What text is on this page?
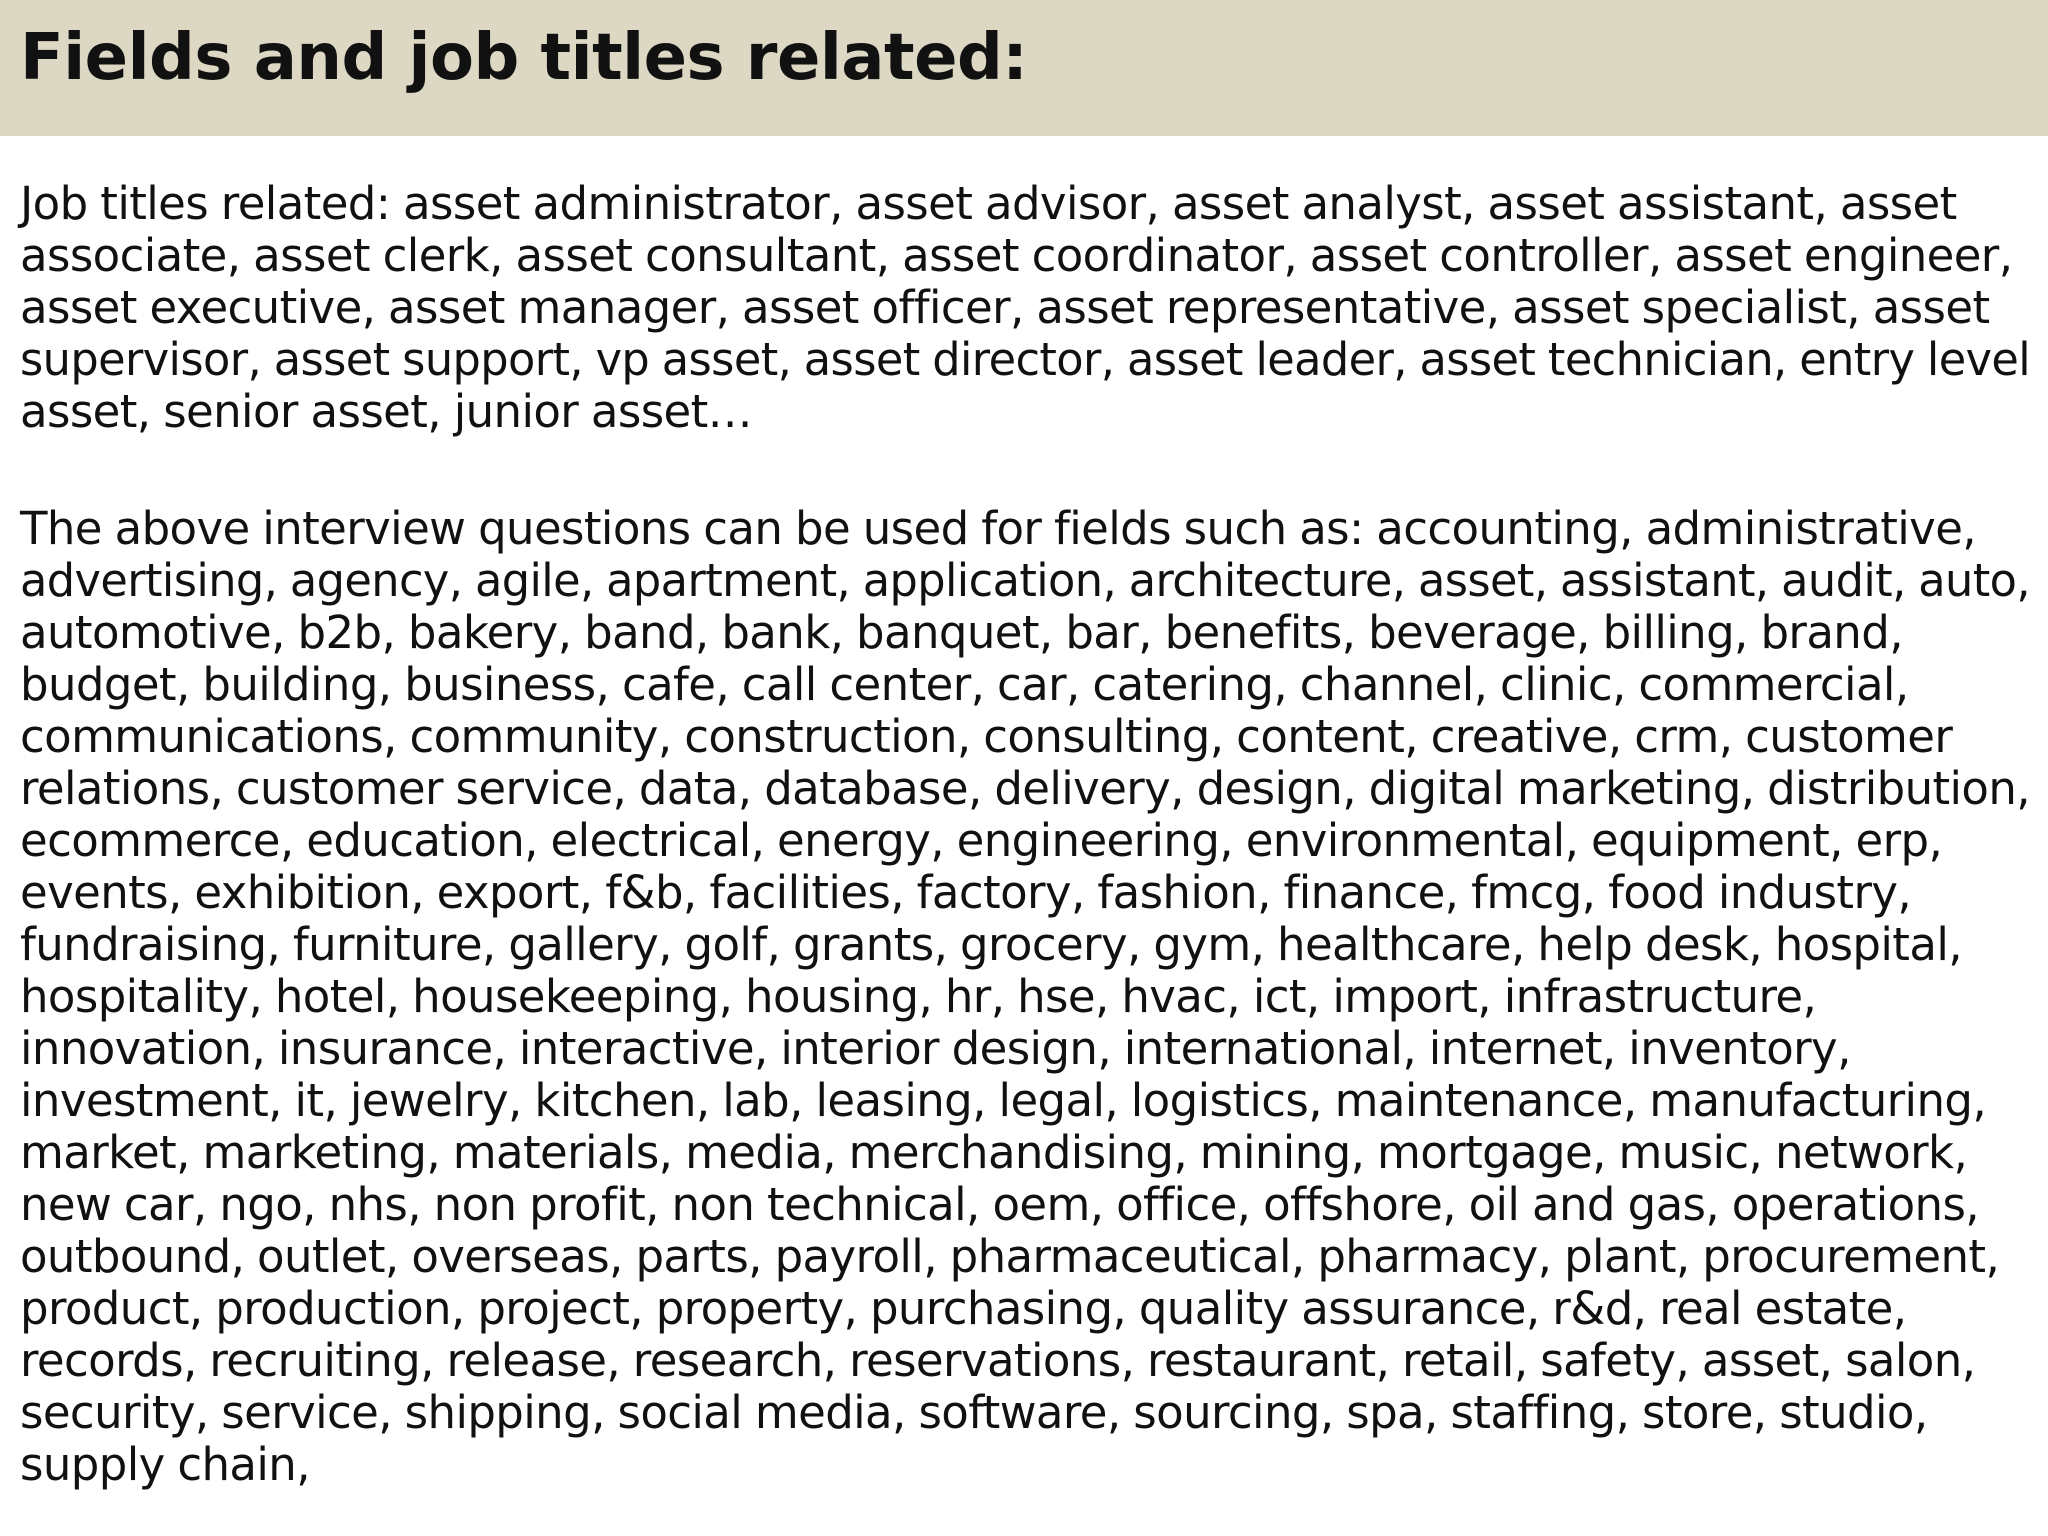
Fields and job titles related:

Job titles related: asset administrator, asset advisor, asset analyst, asset assistant, asset
associate, asset clerk, asset consultant, asset coordinator, asset controller, asset engineer,
asset executive, asset manager, asset officer, asset representative, asset specialist, asset
supervisor, asset support, vp asset, asset director, asset leader, asset technician, entry level
asset, senior asset, junior asset…

The above interview questions can be used for fields such as: accounting, administrative,
advertising, agency, agile, apartment, application, architecture, asset, assistant, audit, auto,
automotive, b2b, bakery, band, bank, banquet, bar, benefits, beverage, billing, brand,
budget, building, business, cafe, call center, car, catering, channel, clinic, commercial,
communications, community, construction, consulting, content, creative, crm, customer
relations, customer service, data, database, delivery, design, digital marketing, distribution,
ecommerce, education, electrical, energy, engineering, environmental, equipment, erp,
events, exhibition, export, f&b, facilities, factory, fashion, finance, fmcg, food industry,
fundraising, furniture, gallery, golf, grants, grocery, gym, healthcare, help desk, hospital,
hospitality, hotel, housekeeping, housing, hr, hse, hvac, ict, import, infrastructure,
innovation, insurance, interactive, interior design, international, internet, inventory,
investment, it, jewelry, kitchen, lab, leasing, legal, logistics, maintenance, manufacturing,
market, marketing, materials, media, merchandising, mining, mortgage, music, network,
new car, ngo, nhs, non profit, non technical, oem, office, offshore, oil and gas, operations,
outbound, outlet, overseas, parts, payroll, pharmaceutical, pharmacy, plant, procurement,
product, production, project, property, purchasing, quality assurance, r&d, real estate,
records, recruiting, release, research, reservations, restaurant, retail, safety, asset, salon,
security, service, shipping, social media, software, sourcing, spa, staffing, store, studio,
supply chain,
